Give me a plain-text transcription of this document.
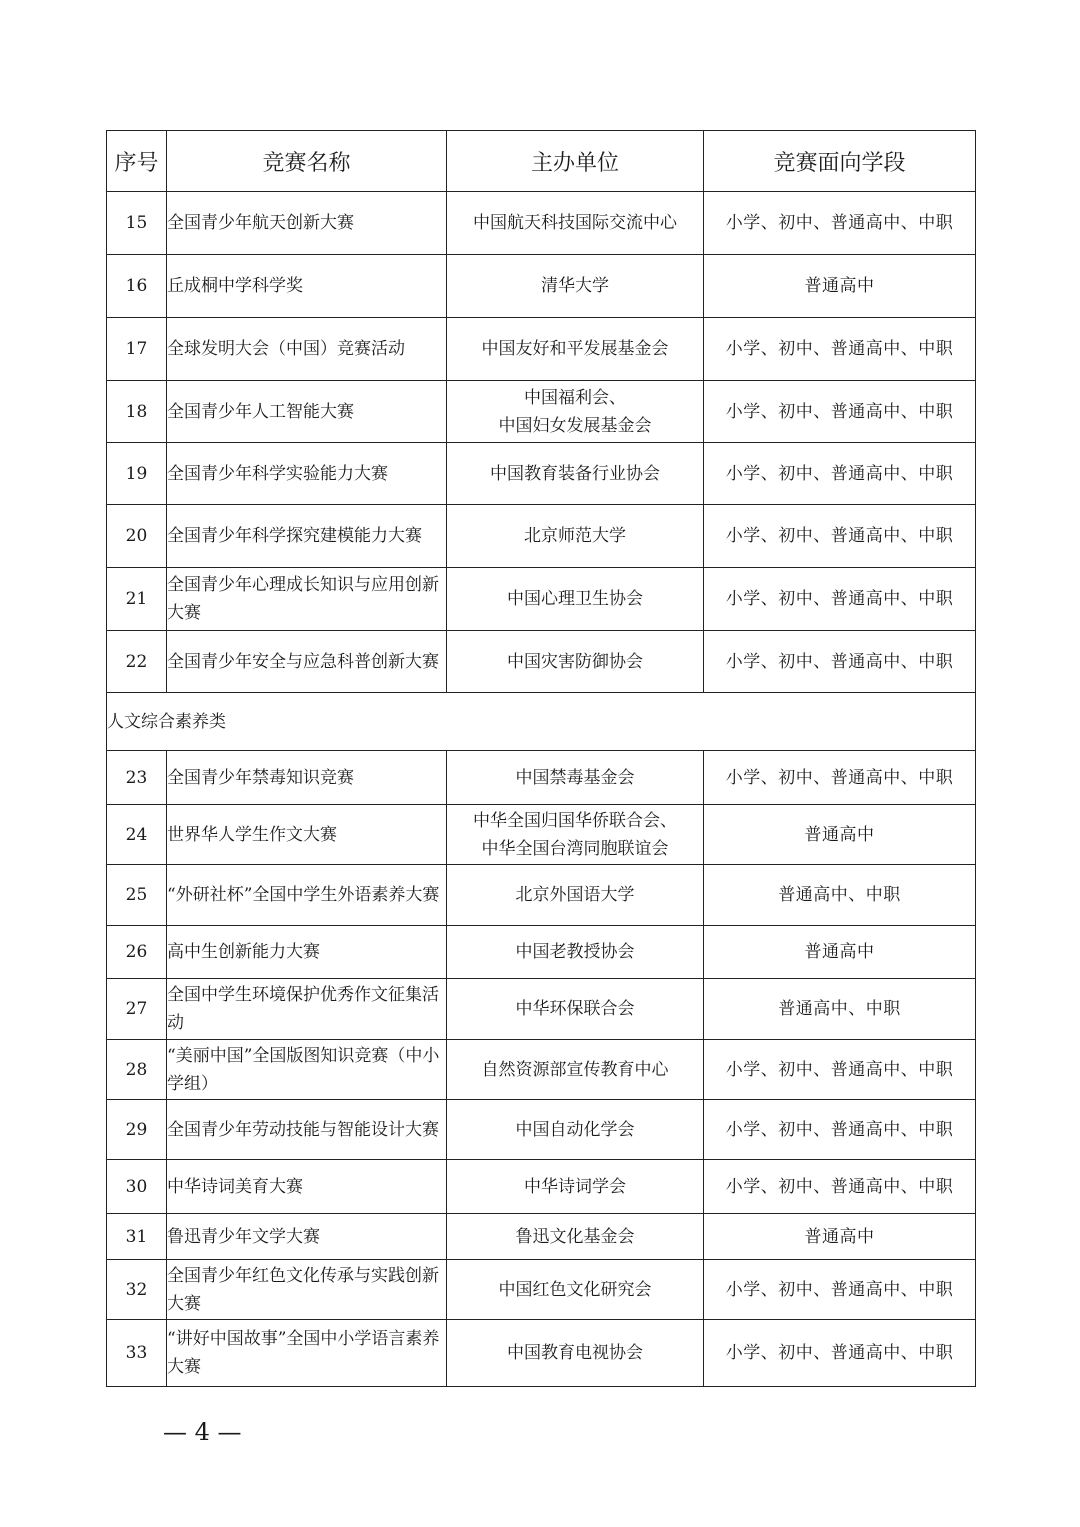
序号	竞赛名称	主办单位	竞赛面向学段
15	全国青少年航天创新大赛	中国航天科技国际交流中心	小学、初中、普通高中、中职
16	丘成桐中学科学奖	清华大学	普通高中
17	全球发明大会（中国）竞赛活动	中国友好和平发展基金会	小学、初中、普通高中、中职
18	全国青少年人工智能大赛	中国福利会、
中国妇女发展基金会	小学、初中、普通高中、中职
19	全国青少年科学实验能力大赛	中国教育装备行业协会	小学、初中、普通高中、中职
20	全国青少年科学探究建模能力大赛	北京师范大学	小学、初中、普通高中、中职
21	全国青少年心理成长知识与应用创新大赛	中国心理卫生协会	小学、初中、普通高中、中职
22	全国青少年安全与应急科普创新大赛	中国灾害防御协会	小学、初中、普通高中、中职
人文综合素养类			
23	全国青少年禁毒知识竞赛	中国禁毒基金会	小学、初中、普通高中、中职
24	世界华人学生作文大赛	中华全国归国华侨联合会、
中华全国台湾同胞联谊会	普通高中
25	“外研社杯”全国中学生外语素养大赛	北京外国语大学	普通高中、中职
26	高中生创新能力大赛	中国老教授协会	普通高中
27	全国中学生环境保护优秀作文征集活动	中华环保联合会	普通高中、中职
28	“美丽中国”全国版图知识竞赛（中小学组）	自然资源部宣传教育中心	小学、初中、普通高中、中职
29	全国青少年劳动技能与智能设计大赛	中国自动化学会	小学、初中、普通高中、中职
30	中华诗词美育大赛	中华诗词学会	小学、初中、普通高中、中职
31	鲁迅青少年文学大赛	鲁迅文化基金会	普通高中
32	全国青少年红色文化传承与实践创新大赛	中国红色文化研究会	小学、初中、普通高中、中职
33	“讲好中国故事”全国中小学语言素养大赛	中国教育电视协会	小学、初中、普通高中、中职
— 4 —
